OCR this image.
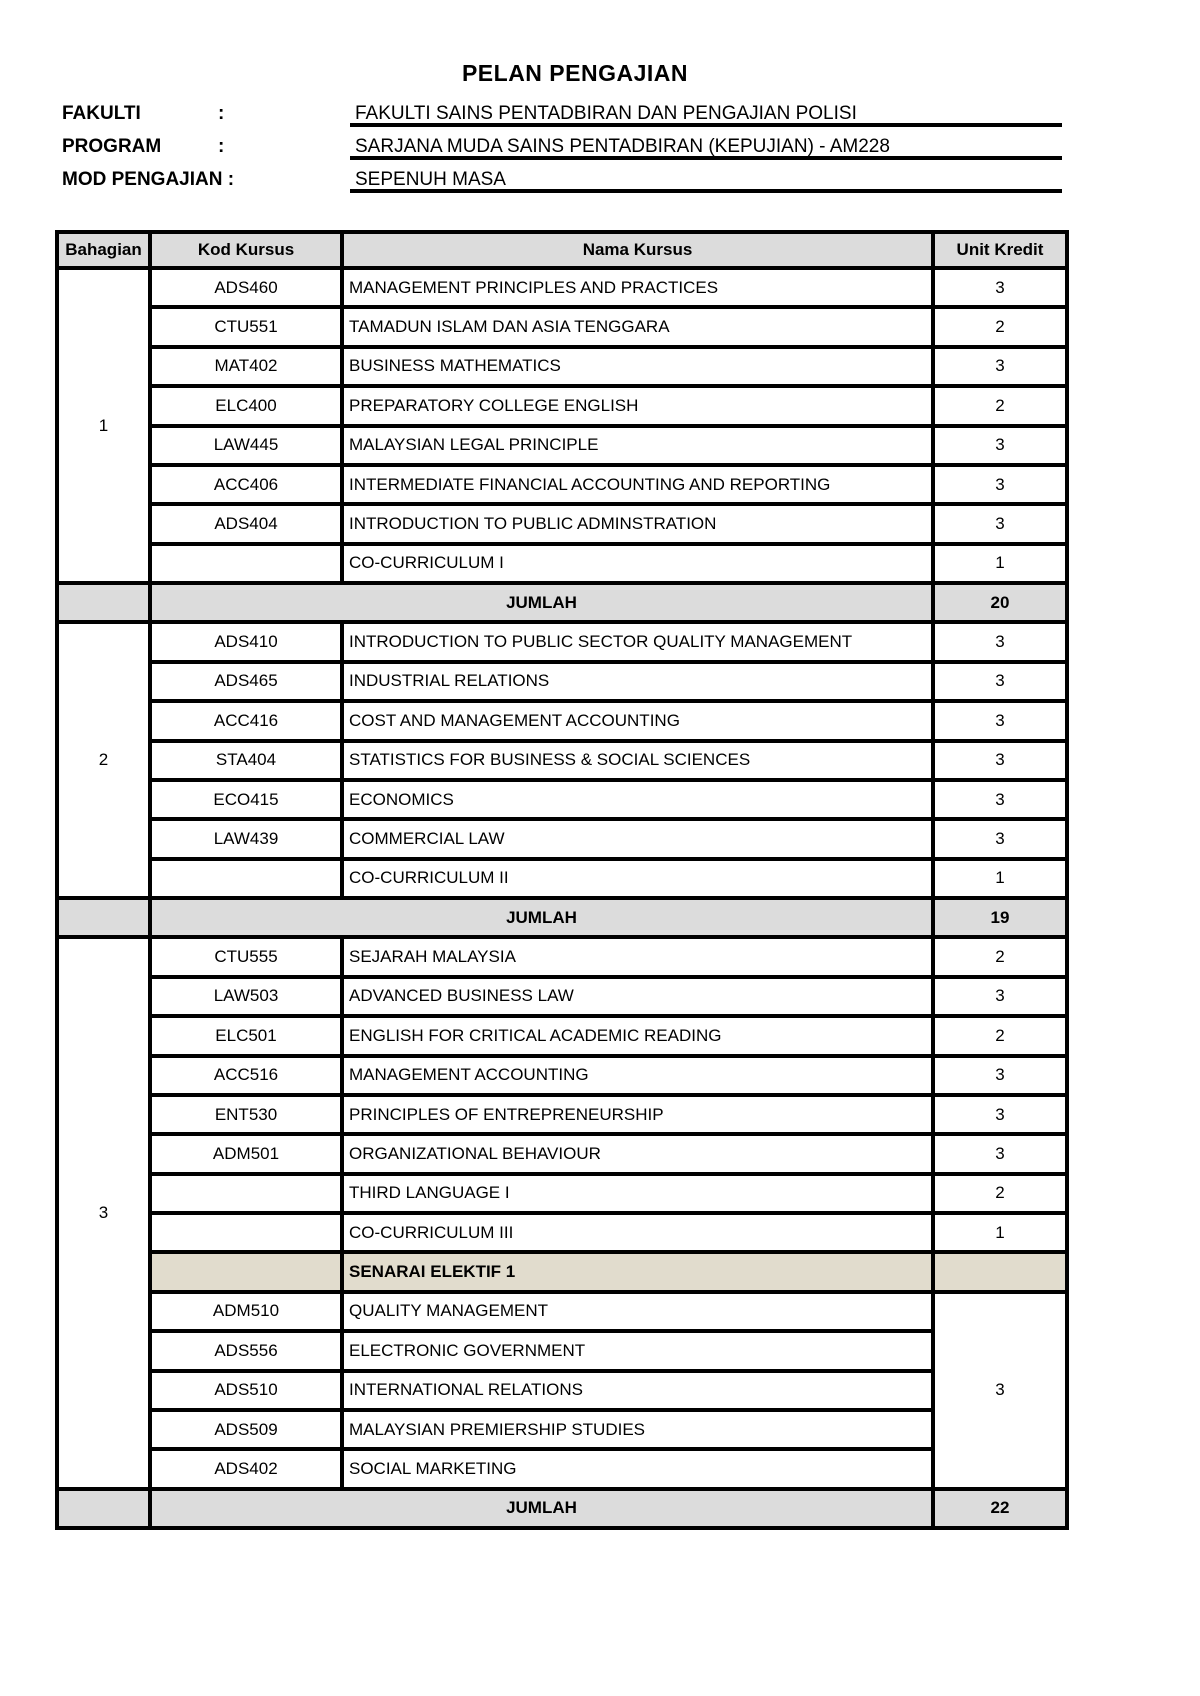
PELAN PENGAJIAN
FAKULTI	:	FAKULTI SAINS PENTADBIRAN DAN PENGAJIAN POLISI
PROGRAM	:	SARJANA MUDA SAINS PENTADBIRAN (KEPUJIAN) - AM228
MOD PENGAJIAN :	SEPENUH MASA
Bahagian	Kod Kursus	Nama Kursus	Unit Kredit
1	ADS460	MANAGEMENT PRINCIPLES AND PRACTICES	3
	CTU551	TAMADUN ISLAM DAN ASIA TENGGARA	2
	MAT402	BUSINESS MATHEMATICS	3
	ELC400	PREPARATORY COLLEGE ENGLISH	2
	LAW445	MALAYSIAN LEGAL PRINCIPLE	3
	ACC406	INTERMEDIATE FINANCIAL ACCOUNTING AND REPORTING	3
	ADS404	INTRODUCTION TO PUBLIC ADMINSTRATION	3
		CO-CURRICULUM I	1
	JUMLAH		20
2	ADS410	INTRODUCTION TO PUBLIC SECTOR QUALITY MANAGEMENT	3
	ADS465	INDUSTRIAL RELATIONS	3
	ACC416	COST AND MANAGEMENT ACCOUNTING	3
	STA404	STATISTICS FOR BUSINESS & SOCIAL SCIENCES	3
	ECO415	ECONOMICS	3
	LAW439	COMMERCIAL LAW	3
		CO-CURRICULUM II	1
	JUMLAH		19
3	CTU555	SEJARAH MALAYSIA	2
	LAW503	ADVANCED BUSINESS LAW	3
	ELC501	ENGLISH FOR CRITICAL ACADEMIC READING	2
	ACC516	MANAGEMENT ACCOUNTING	3
	ENT530	PRINCIPLES OF ENTREPRENEURSHIP	3
	ADM501	ORGANIZATIONAL BEHAVIOUR	3
		THIRD LANGUAGE I	2
		CO-CURRICULUM III	1
		SENARAI ELEKTIF 1	
	ADM510	QUALITY MANAGEMENT	3
	ADS556	ELECTRONIC GOVERNMENT	
	ADS510	INTERNATIONAL RELATIONS	
	ADS509	MALAYSIAN PREMIERSHIP STUDIES	
	ADS402	SOCIAL MARKETING	
	JUMLAH		22
